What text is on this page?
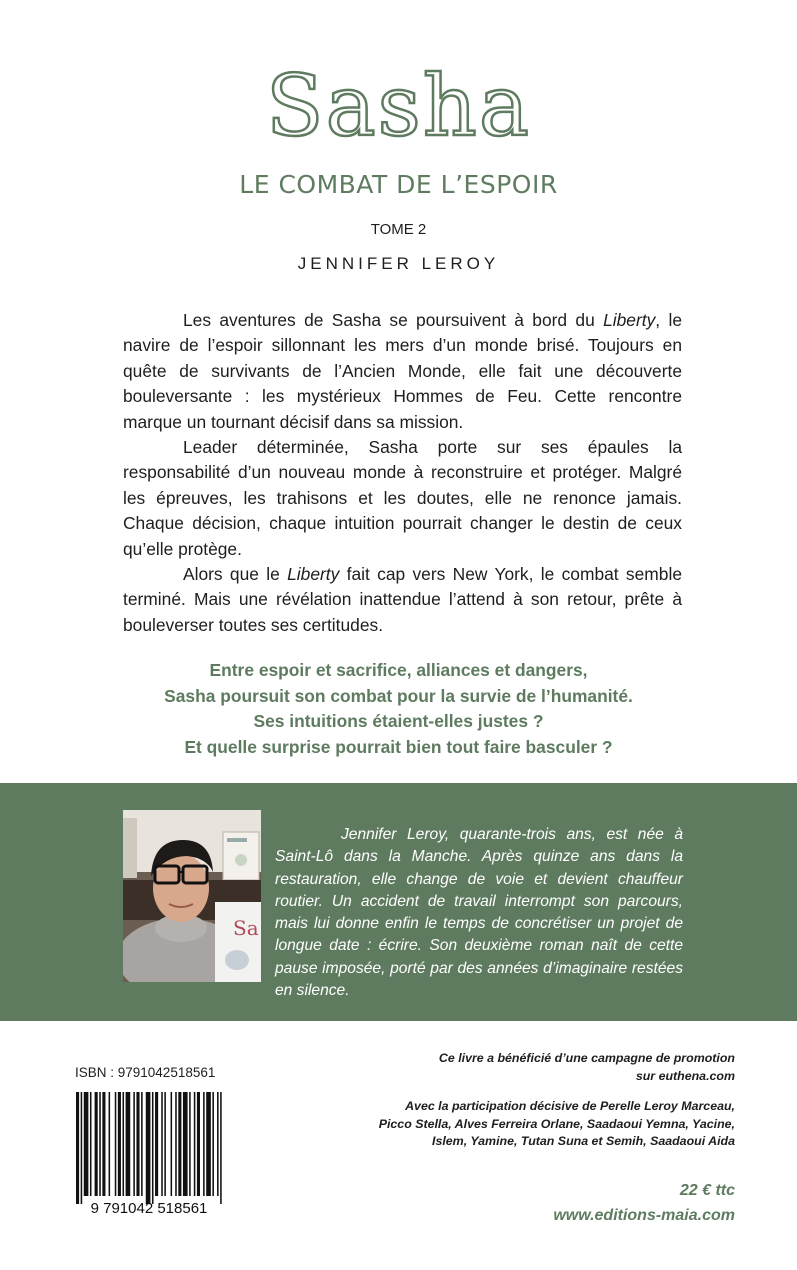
Sasha
LE COMBAT DE L’ESPOIR
TOME 2
JENNIFER LEROY

Les aventures de Sasha se poursuivent à bord du Liberty, le navire de l’espoir sillonnant les mers d’un monde brisé. Toujours en quête de survivants de l’Ancien Monde, elle fait une découverte bouleversante : les mystérieux Hommes de Feu. Cette rencontre marque un tournant décisif dans sa mission.

Leader déterminée, Sasha porte sur ses épaules la responsabilité d’un nouveau monde à reconstruire et protéger. Malgré les épreuves, les trahisons et les doutes, elle ne renonce jamais. Chaque décision, chaque intuition pourrait changer le destin de ceux qu’elle protège.

Alors que le Liberty fait cap vers New York, le combat semble terminé. Mais une révélation inattendue l’attend à son retour, prête à bouleverser toutes ses certitudes.

Entre espoir et sacrifice, alliances et dangers,
Sasha poursuit son combat pour la survie de l’humanité.
Ses intuitions étaient-elles justes ?
Et quelle surprise pourrait bien tout faire basculer ?
Sa

Jennifer Leroy, quarante-trois ans, est née à Saint-Lô dans la Manche. Après quinze ans dans la restauration, elle change de voie et devient chauffeur routier. Un accident de travail interrompt son parcours, mais lui donne enfin le temps de concrétiser un projet de longue date : écrire. Son deuxième roman naît de cette pause imposée, porté par des années d’imaginaire restées en silence.

ISBN : 9791042518561
9 791042 518561
Ce livre a bénéficié d’une campagne de promotion
sur euthena.com
Avec la participation décisive de Perelle Leroy Marceau,
Picco Stella, Alves Ferreira Orlane, Saadaoui Yemna, Yacine,
Islem, Yamine, Tutan Suna et Semih, Saadaoui Aida
22 € ttc
www.editions-maia.com
